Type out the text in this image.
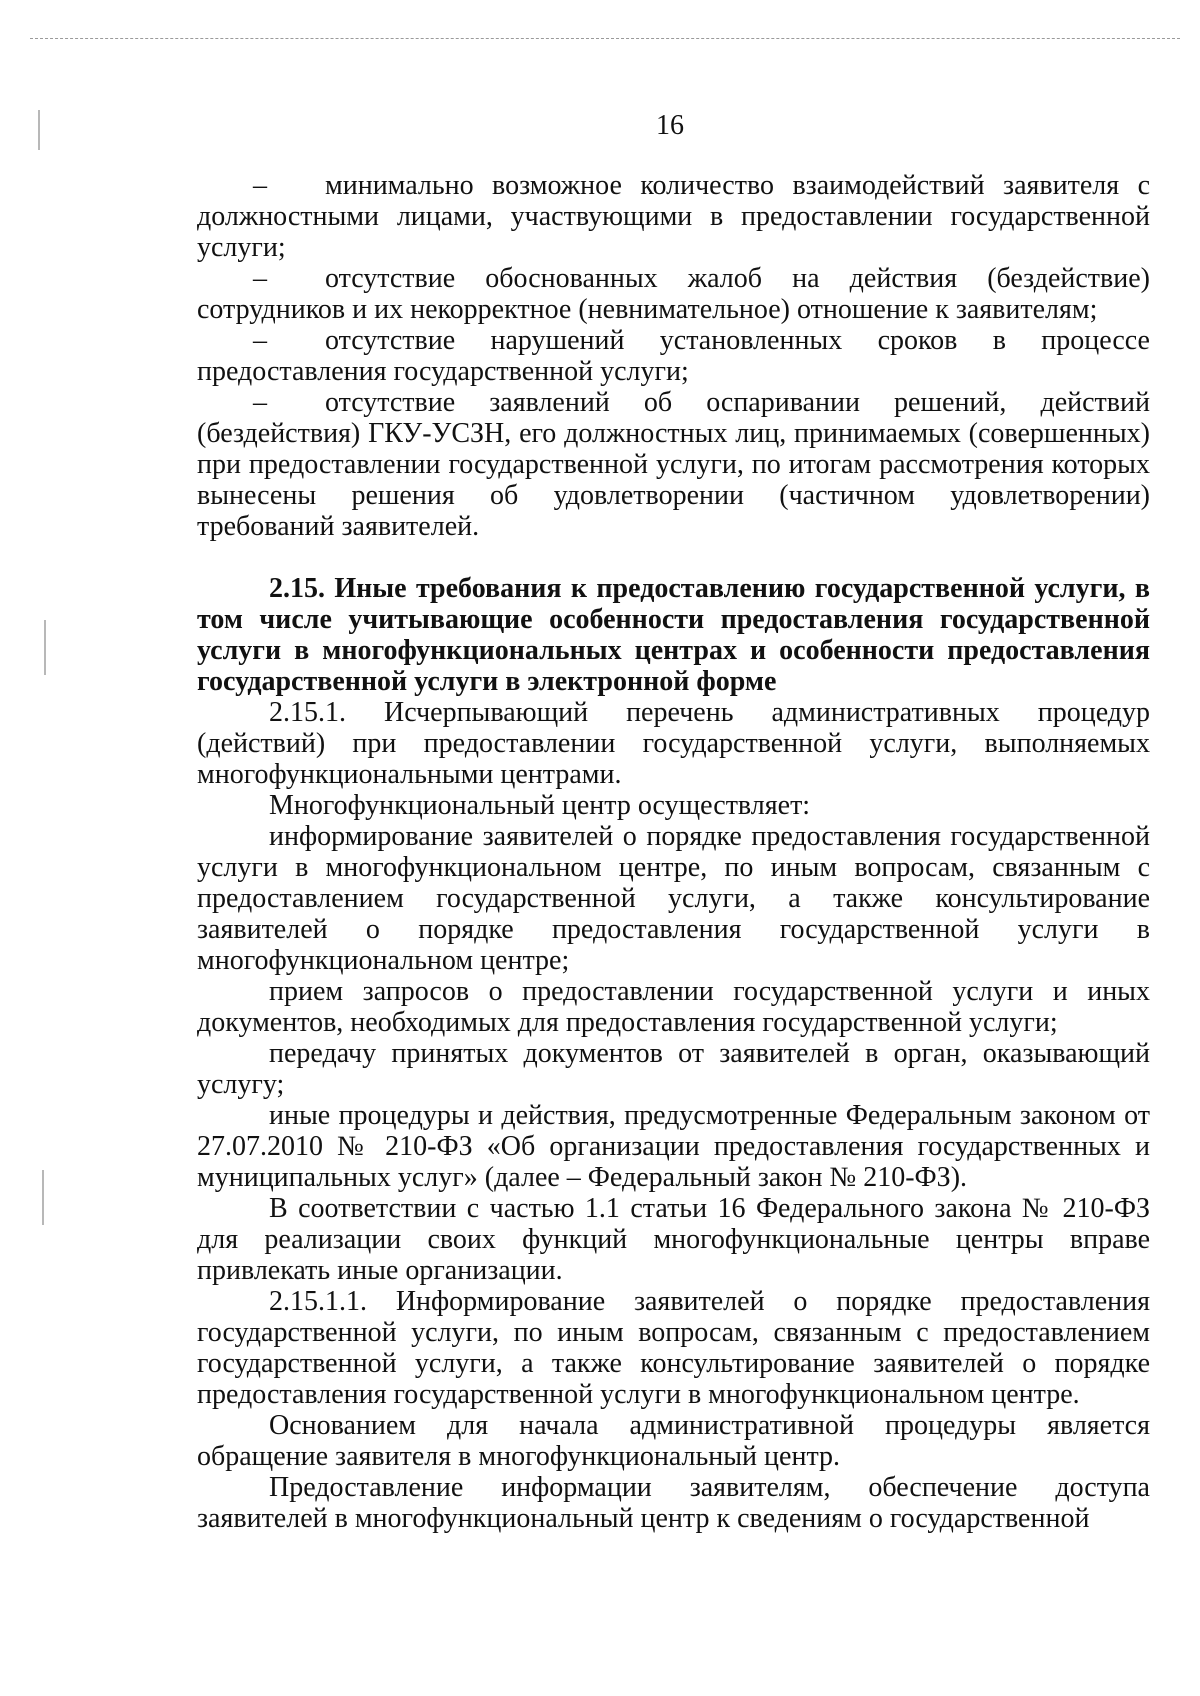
16

– минимально возможное количество взаимодействий заявителя с должностными лицами, участвующими в предоставлении государственной услуги;

– отсутствие обоснованных жалоб на действия (бездействие) сотрудников и их некорректное (невнимательное) отношение к заявителям;

– отсутствие нарушений установленных сроков в процессе предоставления государственной услуги;

– отсутствие заявлений об оспаривании решений, действий (бездействия) ГКУ-УСЗН, его должностных лиц, принимаемых (совершенных) при предоставлении государственной услуги, по итогам рассмотрения которых вынесены решения об удовлетворении (частичном удовлетворении) требований заявителей.

2.15. Иные требования к предоставлению государственной услуги, в том числе учитывающие особенности предоставления государственной услуги в многофункциональных центрах и особенности предоставления государственной услуги в электронной форме

2.15.1. Исчерпывающий перечень административных процедур (действий) при предоставлении государственной услуги, выполняемых многофункциональными центрами.

Многофункциональный центр осуществляет:

информирование заявителей о порядке предоставления государственной услуги в многофункциональном центре, по иным вопросам, связанным с предоставлением государственной услуги, а также консультирование заявителей о порядке предоставления государственной услуги в многофункциональном центре;

прием запросов о предоставлении государственной услуги и иных документов, необходимых для предоставления государственной услуги;

передачу принятых документов от заявителей в орган, оказывающий услугу;

иные процедуры и действия, предусмотренные Федеральным законом от 27.07.2010 № 210-ФЗ «Об организации предоставления государственных и муниципальных услуг» (далее – Федеральный закон № 210-ФЗ).

В соответствии с частью 1.1 статьи 16 Федерального закона № 210-ФЗ для реализации своих функций многофункциональные центры вправе привлекать иные организации.

2.15.1.1. Информирование заявителей о порядке предоставления государственной услуги, по иным вопросам, связанным с предоставлением государственной услуги, а также консультирование заявителей о порядке предоставления государственной услуги в многофункциональном центре.

Основанием для начала административной процедуры является обращение заявителя в многофункциональный центр.

Предоставление информации заявителям, обеспечение доступа заявителей в многофункциональный центр к сведениям о государственной
